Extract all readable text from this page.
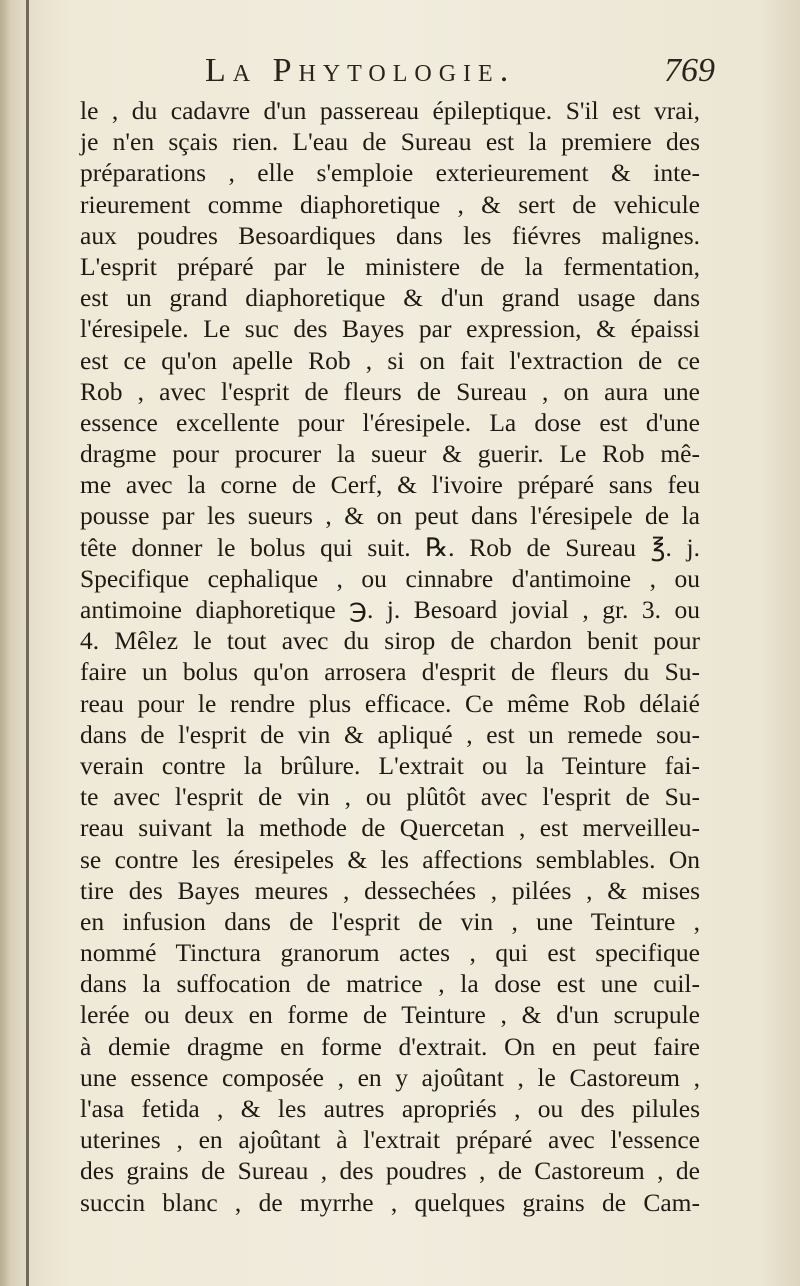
La Phytologie.	769
le , du cadavre d'un passereau épileptique. S'il est vrai,
je n'en sçais rien. L'eau de Sureau est la premiere des
préparations , elle s'emploie exterieurement & inte-
rieurement comme diaphoretique , & sert de vehicule
aux poudres Besoardiques dans les fiévres malignes.
L'esprit préparé par le ministere de la fermentation,
est un grand diaphoretique & d'un grand usage dans
l'éresipele. Le suc des Bayes par expression, & épaissi
est ce qu'on apelle Rob , si on fait l'extraction de ce
Rob , avec l'esprit de fleurs de Sureau , on aura une
essence excellente pour l'éresipele. La dose est d'une
dragme pour procurer la sueur & guerir. Le Rob mê-
me avec la corne de Cerf, & l'ivoire préparé sans feu
pousse par les sueurs , & on peut dans l'éresipele de la
tête donner le bolus qui suit. ℞. Rob de Sureau ℥. j.
Specifique cephalique , ou cinnabre d'antimoine , ou
antimoine diaphoretique ℈. j. Besoard jovial , gr. 3. ou
4. Mêlez le tout avec du sirop de chardon benit pour
faire un bolus qu'on arrosera d'esprit de fleurs du Su-
reau pour le rendre plus efficace. Ce même Rob délaié
dans de l'esprit de vin & apliqué , est un remede sou-
verain contre la brûlure. L'extrait ou la Teinture fai-
te avec l'esprit de vin , ou plûtôt avec l'esprit de Su-
reau suivant la methode de Quercetan , est merveilleu-
se contre les éresipeles & les affections semblables. On
tire des Bayes meures , dessechées , pilées , & mises
en infusion dans de l'esprit de vin , une Teinture ,
nommé Tinctura granorum actes , qui est specifique
dans la suffocation de matrice , la dose est une cuil-
lerée ou deux en forme de Teinture , & d'un scrupule
à demie dragme en forme d'extrait. On en peut faire
une essence composée , en y ajoûtant , le Castoreum ,
l'asa fetida , & les autres apropriés , ou des pilules
uterines , en ajoûtant à l'extrait préparé avec l'essence
des grains de Sureau , des poudres , de Castoreum , de
succin blanc , de myrrhe , quelques grains de Cam-
